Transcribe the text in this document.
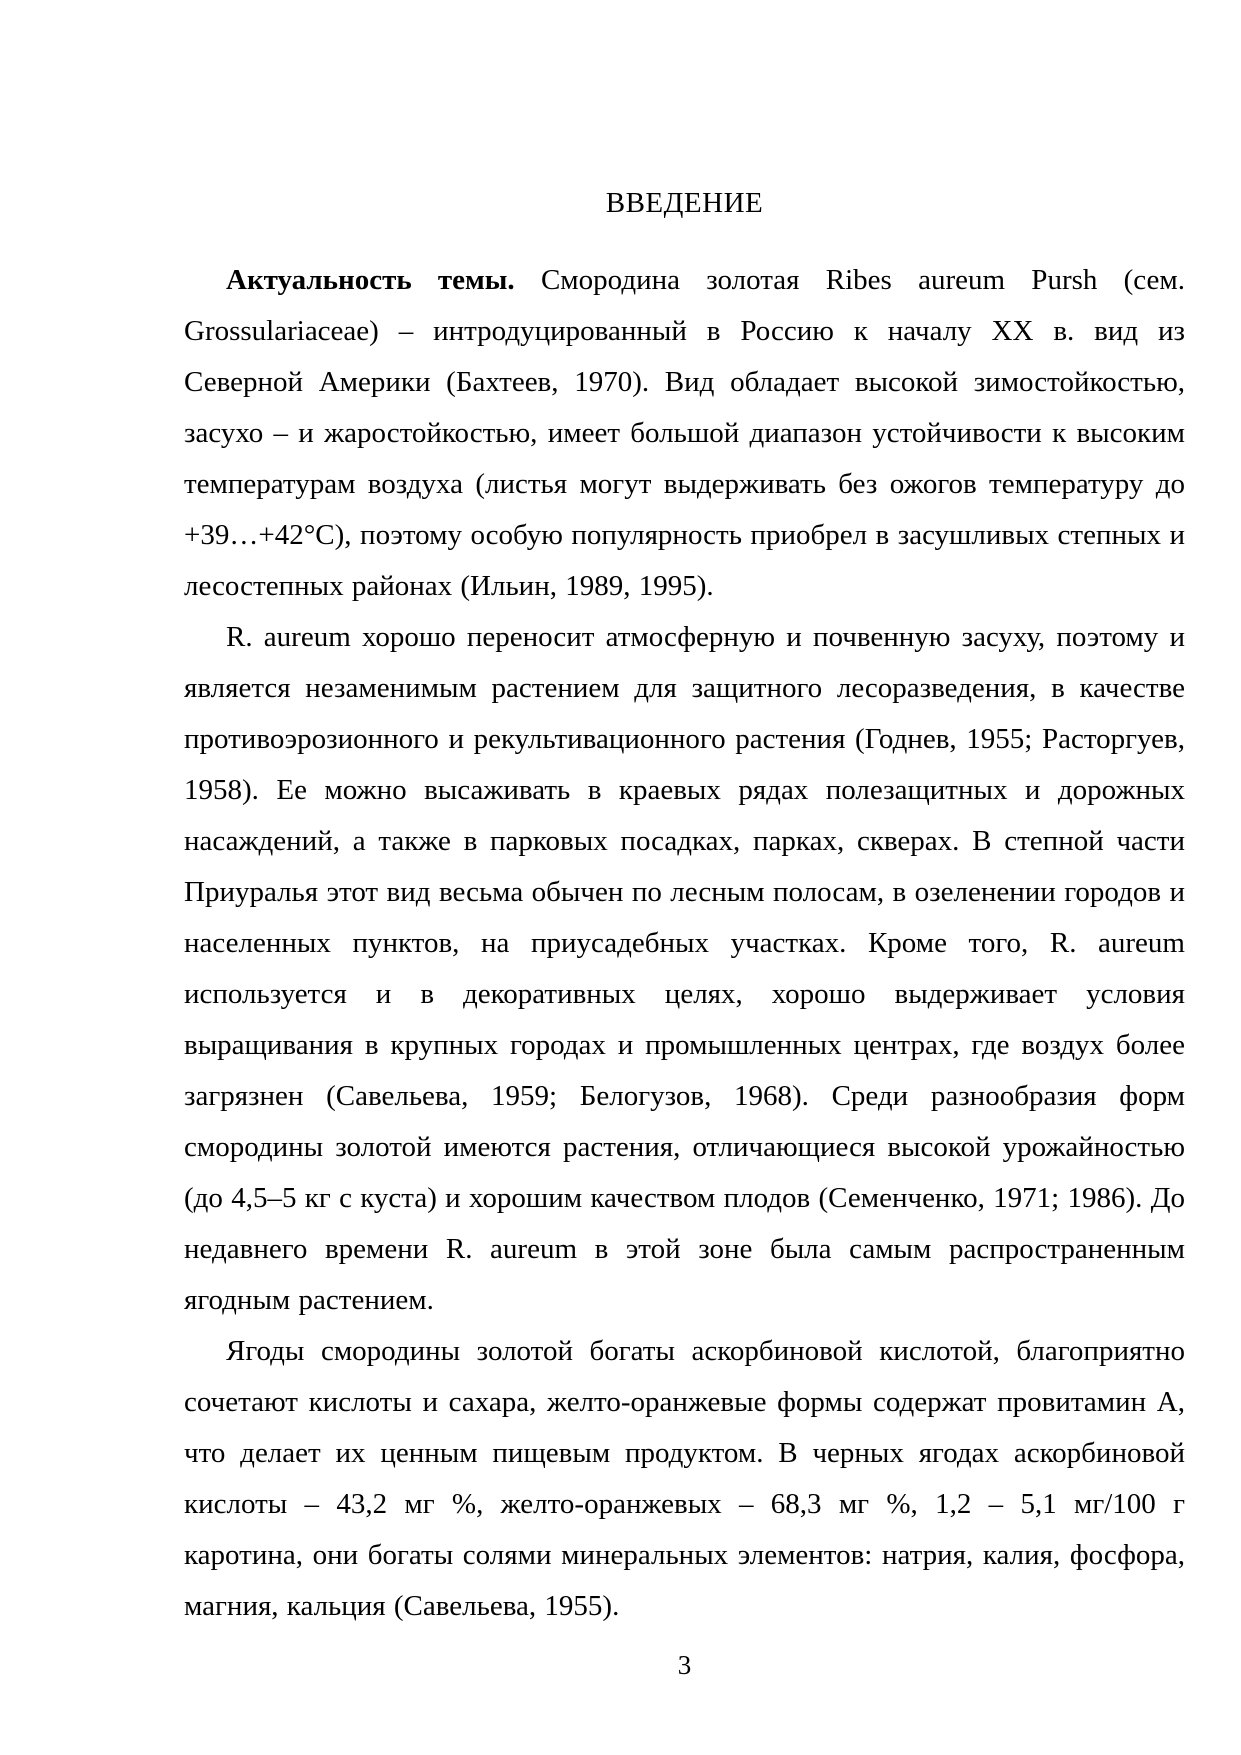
ВВЕДЕНИЕ

Актуальность темы. Смородина золотая Ribes aureum Pursh (сем. Grossulariaceae) – интродуцированный в Россию к началу XX в. вид из Северной Америки (Бахтеев, 1970). Вид обладает высокой зимостойкостью, засухо – и жаростойкостью, имеет большой диапазон устойчивости к высоким температурам воздуха (листья могут выдерживать без ожогов температуру до +39…+42°С), поэтому особую популярность приобрел в засушливых степных и лесостепных районах (Ильин, 1989, 1995).

R. aureum хорошо переносит атмосферную и почвенную засуху, поэтому и является незаменимым растением для защитного лесоразведения, в качестве противоэрозионного и рекультивационного растения (Годнев, 1955; Расторгуев, 1958). Ее можно высаживать в краевых рядах полезащитных и дорожных насаждений, а также в парковых посадках, парках, скверах. В степной части Приуралья этот вид весьма обычен по лесным полосам, в озеленении городов и населенных пунктов, на приусадебных участках. Кроме того, R. aureum используется и в декоративных целях, хорошо выдерживает условия выращивания в крупных городах и промышленных центрах, где воздух более загрязнен (Савельева, 1959; Белогузов, 1968). Среди разнообразия форм смородины золотой имеются растения, отличающиеся высокой урожайностью (до 4,5–5 кг с куста) и хорошим качеством плодов (Семенченко, 1971; 1986). До недавнего времени R. aureum в этой зоне была самым распространенным ягодным растением.

Ягоды смородины золотой богаты аскорбиновой кислотой, благоприятно сочетают кислоты и сахара, желто-оранжевые формы содержат провитамин А, что делает их ценным пищевым продуктом. В черных ягодах аскорбиновой кислоты – 43,2 мг %, желто-оранжевых – 68,3 мг %, 1,2 – 5,1 мг/100 г каротина, они богаты солями минеральных элементов: натрия, калия, фосфора, магния, кальция (Савельева, 1955).

3
